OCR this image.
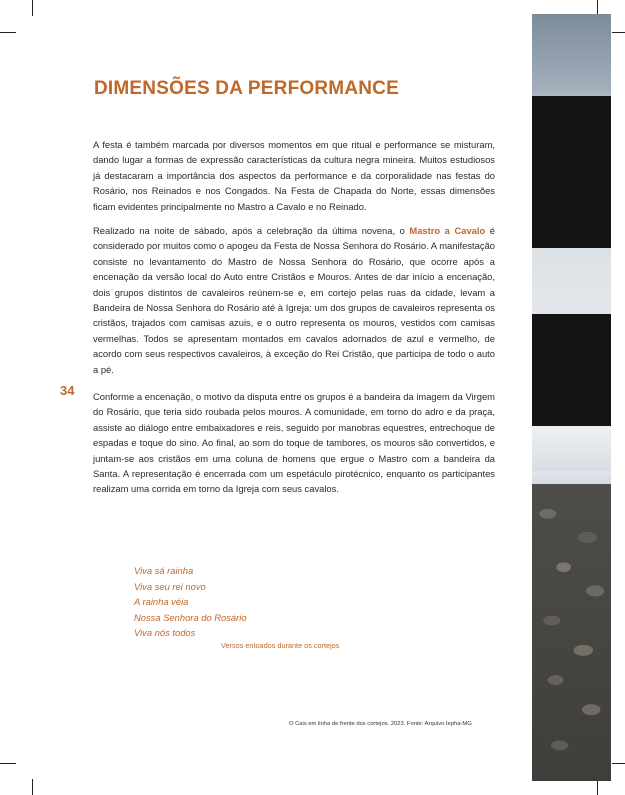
DIMENSÕES DA PERFORMANCE

A festa é também marcada por diversos momentos em que ritual e performance se misturam, dando lugar a formas de expressão características da cultura negra mineira. Muitos estudiosos já destacaram a importância dos aspectos da performance e da corporalidade nas festas do Rosário, nos Reinados e nos Congados. Na Festa de Chapada do Norte, essas dimensões ficam evidentes principalmente no Mastro a Cavalo e no Reinado.

Realizado na noite de sábado, após a celebração da última novena, o Mastro a Cavalo é considerado por muitos como o apogeu da Festa de Nossa Senhora do Rosário. A manifestação consiste no levantamento do Mastro de Nossa Senhora do Rosário, que ocorre após a encenação da versão local do Auto entre Cristãos e Mouros. Antes de dar início a encenação, dois grupos distintos de cavaleiros reúnem-se e, em cortejo pelas ruas da cidade, levam a Bandeira de Nossa Senhora do Rosário até à Igreja: um dos grupos de cavaleiros representa os cristãos, trajados com camisas azuis, e o outro representa os mouros, vestidos com camisas vermelhas. Todos se apresentam montados em cavalos adornados de azul e vermelho, de acordo com seus respectivos cavaleiros, à exceção do Rei Cristão, que participa de todo o auto a pé.

Conforme a encenação, o motivo da disputa entre os grupos é a bandeira da imagem da Virgem do Rosário, que teria sido roubada pelos mouros. A comunidade, em torno do adro e da praça, assiste ao diálogo entre embaixadores e reis, seguido por manobras equestres, entrechoque de espadas e toque do sino. Ao final, ao som do toque de tambores, os mouros são convertidos, e juntam-se aos cristãos em uma coluna de homens que ergue o Mastro com a bandeira da Santa. A representação é encerrada com um espetáculo pirotécnico, enquanto os participantes realizam uma corrida em torno da Igreja com seus cavalos.

34

Viva sá rainha
Viva seu rei novo
A rainha véia
Nossa Senhora do Rosário
Viva nós todos

Versos entoados durante os cortejos

O Cais em linha de frente dos cortejos. 2023. Fonte: Arquivo Iepha-MG
